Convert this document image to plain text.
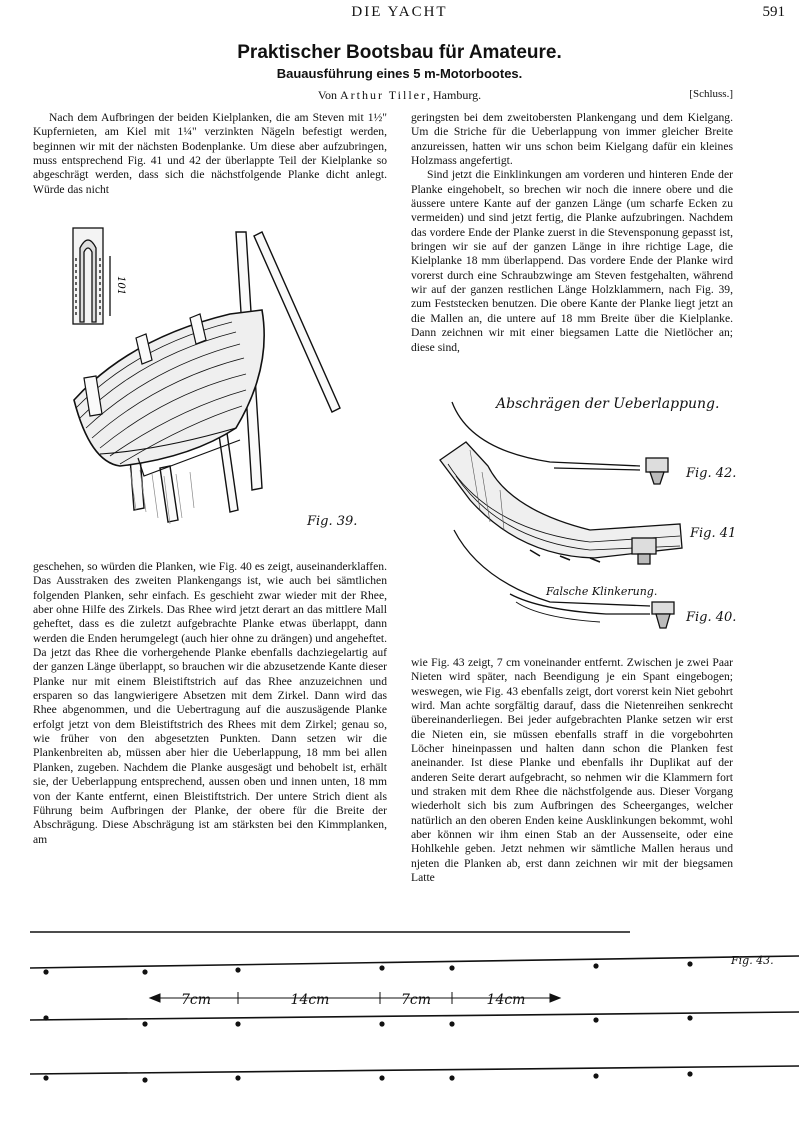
DIE YACHT	591
Praktischer Bootsbau für Amateure.
Bauausführung eines 5 m-Motorbootes.
Von Arthur Tiller, Hamburg.	[Schluss.]

Nach dem Aufbringen der beiden Kielplanken, die am Steven mit 1½" Kupfernieten, am Kiel mit 1¼" verzinkten Nägeln befestigt werden, beginnen wir mit der nächsten Bodenplanke. Um diese aber aufzubringen, muss entsprechend Fig. 41 und 42 der überlappte Teil der Kielplanke so abgeschrägt werden, dass sich die nächstfolgende Planke dicht anlegt. Würde das nicht

geschehen, so würden die Planken, wie Fig. 40 es zeigt, auseinanderklaffen. Das Ausstraken des zweiten Plankengangs ist, wie auch bei sämtlichen folgenden Planken, sehr einfach. Es geschieht zwar wieder mit der Rhee, aber ohne Hilfe des Zirkels. Das Rhee wird jetzt derart an das mittlere Mall geheftet, dass es die zuletzt aufgebrachte Planke etwas überlappt, dann werden die Enden herumgelegt (auch hier ohne zu drängen) und angeheftet. Da jetzt das Rhee die vorhergehende Planke ebenfalls dachziegelartig auf der ganzen Länge überlappt, so brauchen wir die abzusetzende Kante dieser Planke nur mit einem Bleistiftstrich auf das Rhee anzuzeichnen und ersparen so das langwierigere Absetzen mit dem Zirkel. Dann wird das Rhee abgenommen, und die Uebertragung auf die auszusägende Planke erfolgt jetzt von dem Bleistiftstrich des Rhees mit dem Zirkel; genau so, wie früher von den abgesetzten Punkten. Dann setzen wir die Plankenbreiten ab, müssen aber hier die Ueberlappung, 18 mm bei allen Planken, zugeben. Nachdem die Planke ausgesägt und behobelt ist, erhält sie, der Ueberlappung entsprechend, aussen oben und innen unten, 18 mm von der Kante entfernt, einen Bleistiftstrich. Der untere Strich dient als Führung beim Aufbringen der Planke, der obere für die Breite der Abschrägung. Diese Abschrägung ist am stärksten bei den Kimmplanken, am

geringsten bei dem zweitobersten Plankengang und dem Kielgang. Um die Striche für die Ueberlappung von immer gleicher Breite anzureissen, hatten wir uns schon beim Kielgang dafür ein kleines Holzmass angefertigt.

Sind jetzt die Einklinkungen am vorderen und hinteren Ende der Planke eingehobelt, so brechen wir noch die innere obere und die äussere untere Kante auf der ganzen Länge (um scharfe Ecken zu vermeiden) und sind jetzt fertig, die Planke aufzubringen. Nachdem das vordere Ende der Planke zuerst in die Stevensponung gepasst ist, bringen wir sie auf der ganzen Länge in ihre richtige Lage, die Kielplanke 18 mm überlappend. Das vordere Ende der Planke wird vorerst durch eine Schraubzwinge am Steven festgehalten, während wir auf der ganzen restlichen Länge Holzklammern, nach Fig. 39, zum Feststecken benutzen. Die obere Kante der Planke liegt jetzt an die Mallen an, die untere auf 18 mm Breite über die Kielplanke. Dann zeichnen wir mit einer biegsamen Latte die Nietlöcher an; diese sind,

wie Fig. 43 zeigt, 7 cm voneinander entfernt. Zwischen je zwei Paar Nieten wird später, nach Beendigung je ein Spant eingebogen; weswegen, wie Fig. 43 ebenfalls zeigt, dort vorerst kein Niet gebohrt wird. Man achte sorgfältig darauf, dass die Nietenreihen senkrecht übereinanderliegen. Bei jeder aufgebrachten Planke setzen wir erst die Nieten ein, sie müssen ebenfalls straff in die vorgebohrten Löcher hineinpassen und halten dann schon die Planken fest aneinander. Ist diese Planke und ebenfalls ihr Duplikat auf der anderen Seite derart aufgebracht, so nehmen wir die Klammern fort und straken mit dem Rhee die nächstfolgende aus. Dieser Vorgang wiederholt sich bis zum Aufbringen des Scheerganges, welcher natürlich an den oberen Enden keine Ausklinkungen bekommt, wohl aber können wir ihm einen Stab an der Aussenseite, oder eine Hohlkehle geben. Jetzt nehmen wir sämtliche Mallen heraus und njeten die Planken ab, erst dann zeichnen wir mit der biegsamen Latte

101
Fig. 39.
Abschrägen der Ueberlappung.
Fig. 42.
Fig. 41
Falsche Klinkerung.
Fig. 40.
7cm	14cm	7cm	14cm
Fig. 43.
